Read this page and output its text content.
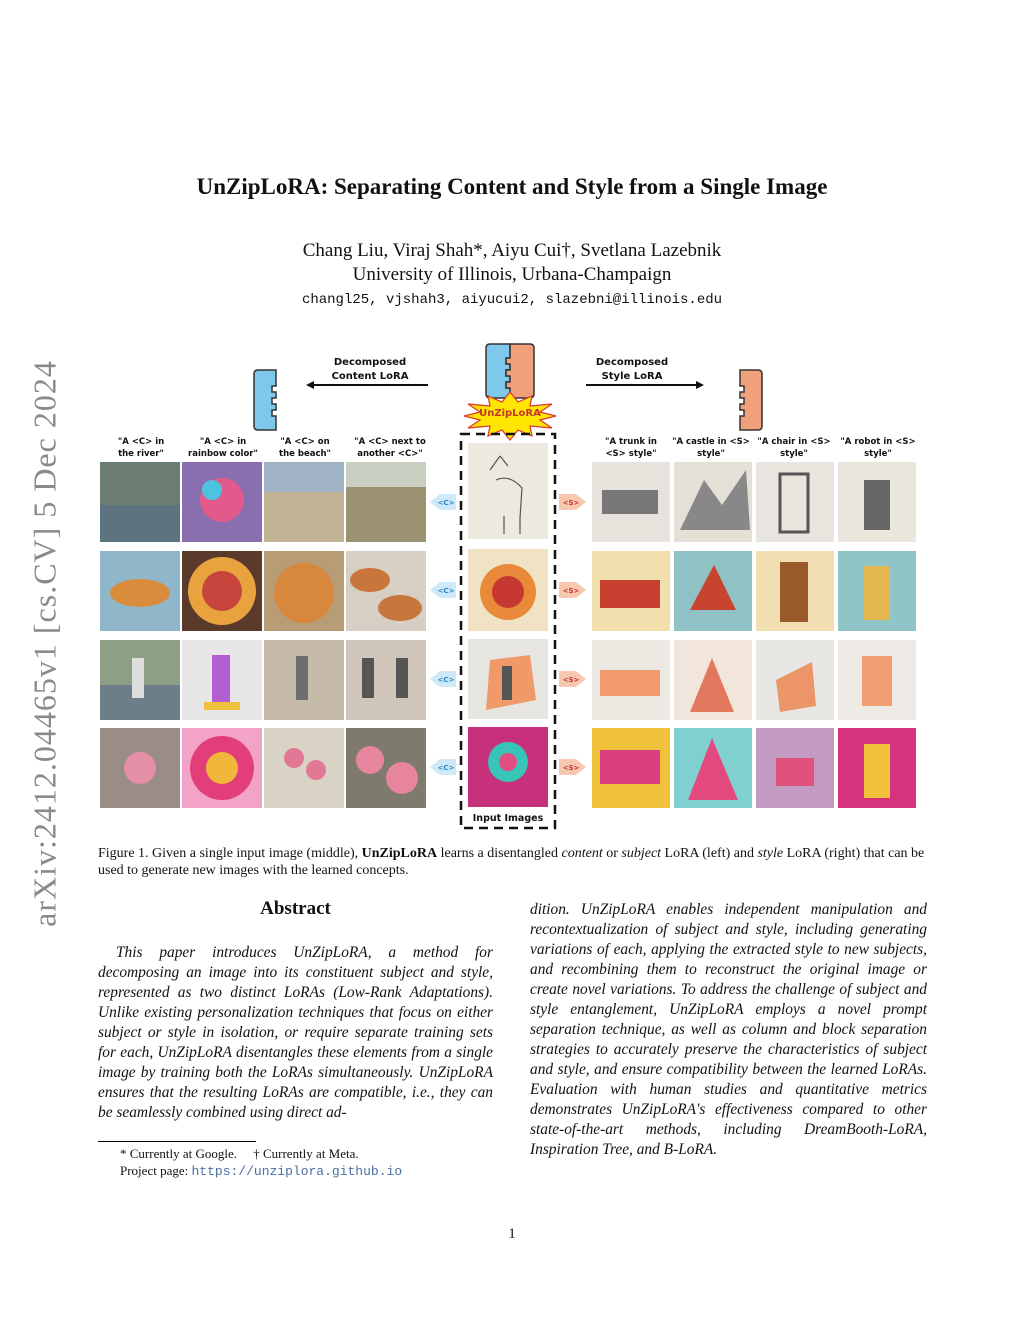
arXiv:2412.04465v1 [cs.CV] 5 Dec 2024
UnZipLoRA: Separating Content and Style from a Single Image
Chang Liu, Viraj Shah*, Aiyu Cui†, Svetlana Lazebnik
University of Illinois, Urbana-Champaign
changl25, vjshah3, aiyucui2, slazebni@illinois.edu
Decomposed
Content LoRA
Decomposed
Style LoRA
UnZipLoRA
Input Images
"A <C> in
the river"
"A <C> in
rainbow color"
"A <C> on
the beach"
"A <C> next to
another <C>"
"A trunk in
<S> style"
"A castle in <S>
style"
"A chair in <S>
style"
"A robot in <S>
style"
<C>
<C>
<C>
<C>
<S>
<S>
<S>
<S>
Figure 1. Given a single input image (middle), UnZipLoRA learns a disentangled content or subject LoRA (left) and style LoRA (right) that can be used to generate new images with the learned concepts.
Abstract
This paper introduces UnZipLoRA, a method for decomposing an image into its constituent subject and style, represented as two distinct LoRAs (Low-Rank Adaptations). Unlike existing personalization techniques that focus on either subject or style in isolation, or require separate training sets for each, UnZipLoRA disentangles these elements from a single image by training both the LoRAs simultaneously. UnZipLoRA ensures that the resulting LoRAs are compatible, i.e., they can be seamlessly combined using direct ad-
dition. UnZipLoRA enables independent manipulation and recontextualization of subject and style, including generating variations of each, applying the extracted style to new subjects, and recombining them to reconstruct the original image or create novel variations. To address the challenge of subject and style entanglement, UnZipLoRA employs a novel prompt separation technique, as well as column and block separation strategies to accurately preserve the characteristics of subject and style, and ensure compatibility between the learned LoRAs. Evaluation with human studies and quantitative metrics demonstrates UnZipLoRA's effectiveness compared to other state-of-the-art methods, including DreamBooth-LoRA, Inspiration Tree, and B-LoRA.
* Currently at Google.     † Currently at Meta.
Project page: https://unziplora.github.io
1
